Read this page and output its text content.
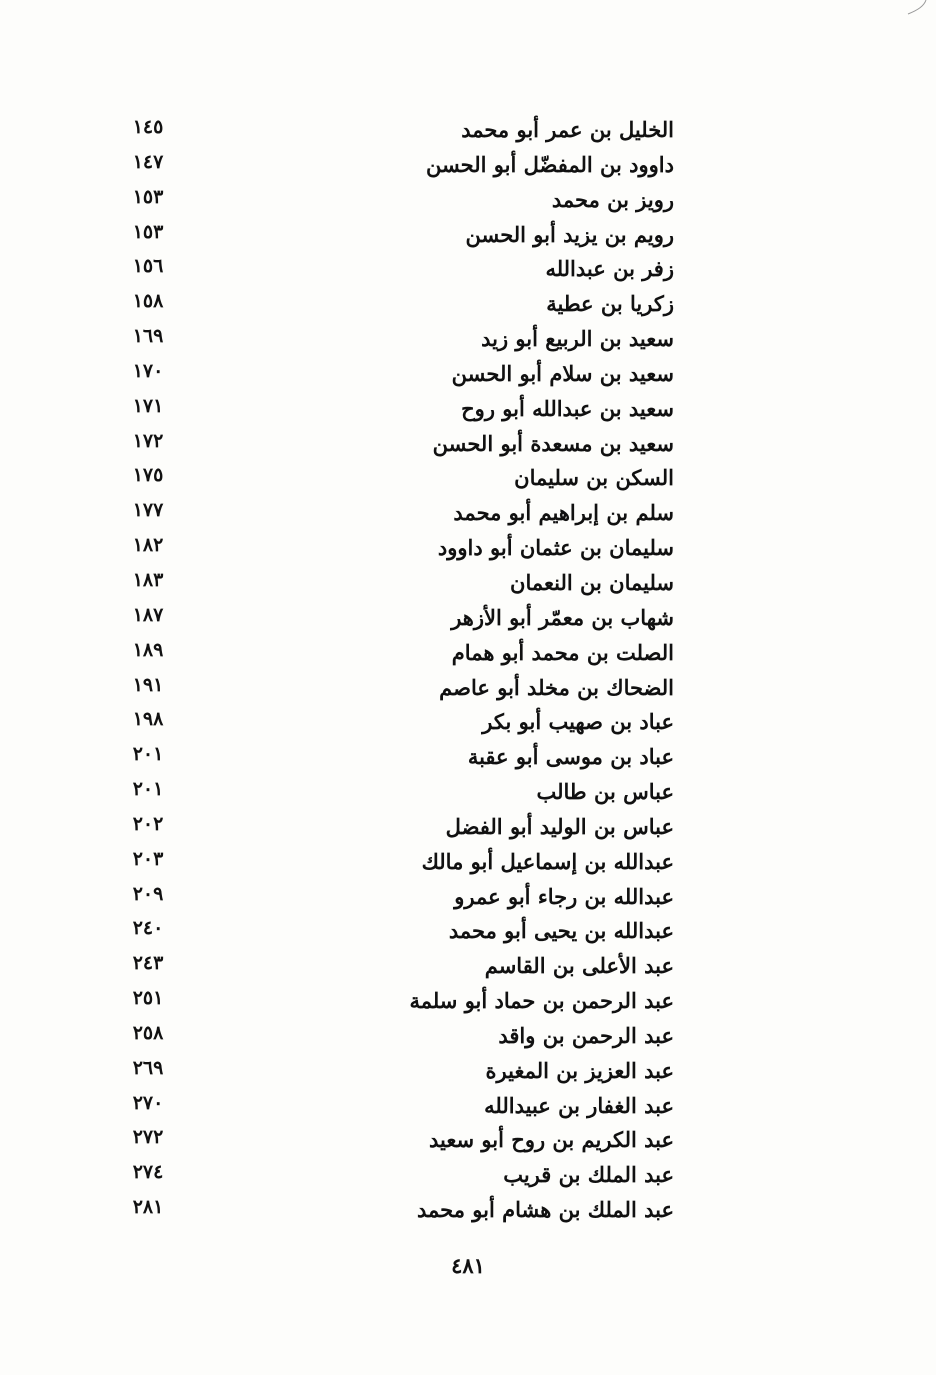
الخليل بن عمر أبو محمد
١٤٥
داوود بن المفضّل أبو الحسن
١٤٧
رويز بن محمد
١٥٣
رويم بن يزيد أبو الحسن
١٥٣
زفر بن عبدالله
١٥٦
زكريا بن عطية
١٥٨
سعيد بن الربيع أبو زيد
١٦٩
سعيد بن سلام أبو الحسن
١٧٠
سعيد بن عبدالله أبو روح
١٧١
سعيد بن مسعدة أبو الحسن
١٧٢
السكن بن سليمان
١٧٥
سلم بن إبراهيم أبو محمد
١٧٧
سليمان بن عثمان أبو داوود
١٨٢
سليمان بن النعمان
١٨٣
شهاب بن معمّر أبو الأزهر
١٨٧
الصلت بن محمد أبو همام
١٨٩
الضحاك بن مخلد أبو عاصم
١٩١
عباد بن صهيب أبو بكر
١٩٨
عباد بن موسى أبو عقبة
٢٠١
عباس بن طالب
٢٠١
عباس بن الوليد أبو الفضل
٢٠٢
عبدالله بن إسماعيل أبو مالك
٢٠٣
عبدالله بن رجاء أبو عمرو
٢٠٩
عبدالله بن يحيى أبو محمد
٢٤٠
عبد الأعلى بن القاسم
٢٤٣
عبد الرحمن بن حماد أبو سلمة
٢٥١
عبد الرحمن بن واقد
٢٥٨
عبد العزيز بن المغيرة
٢٦٩
عبد الغفار بن عبيدالله
٢٧٠
عبد الكريم بن روح أبو سعيد
٢٧٢
عبد الملك بن قريب
٢٧٤
عبد الملك بن هشام أبو محمد
٢٨١
٤٨١
